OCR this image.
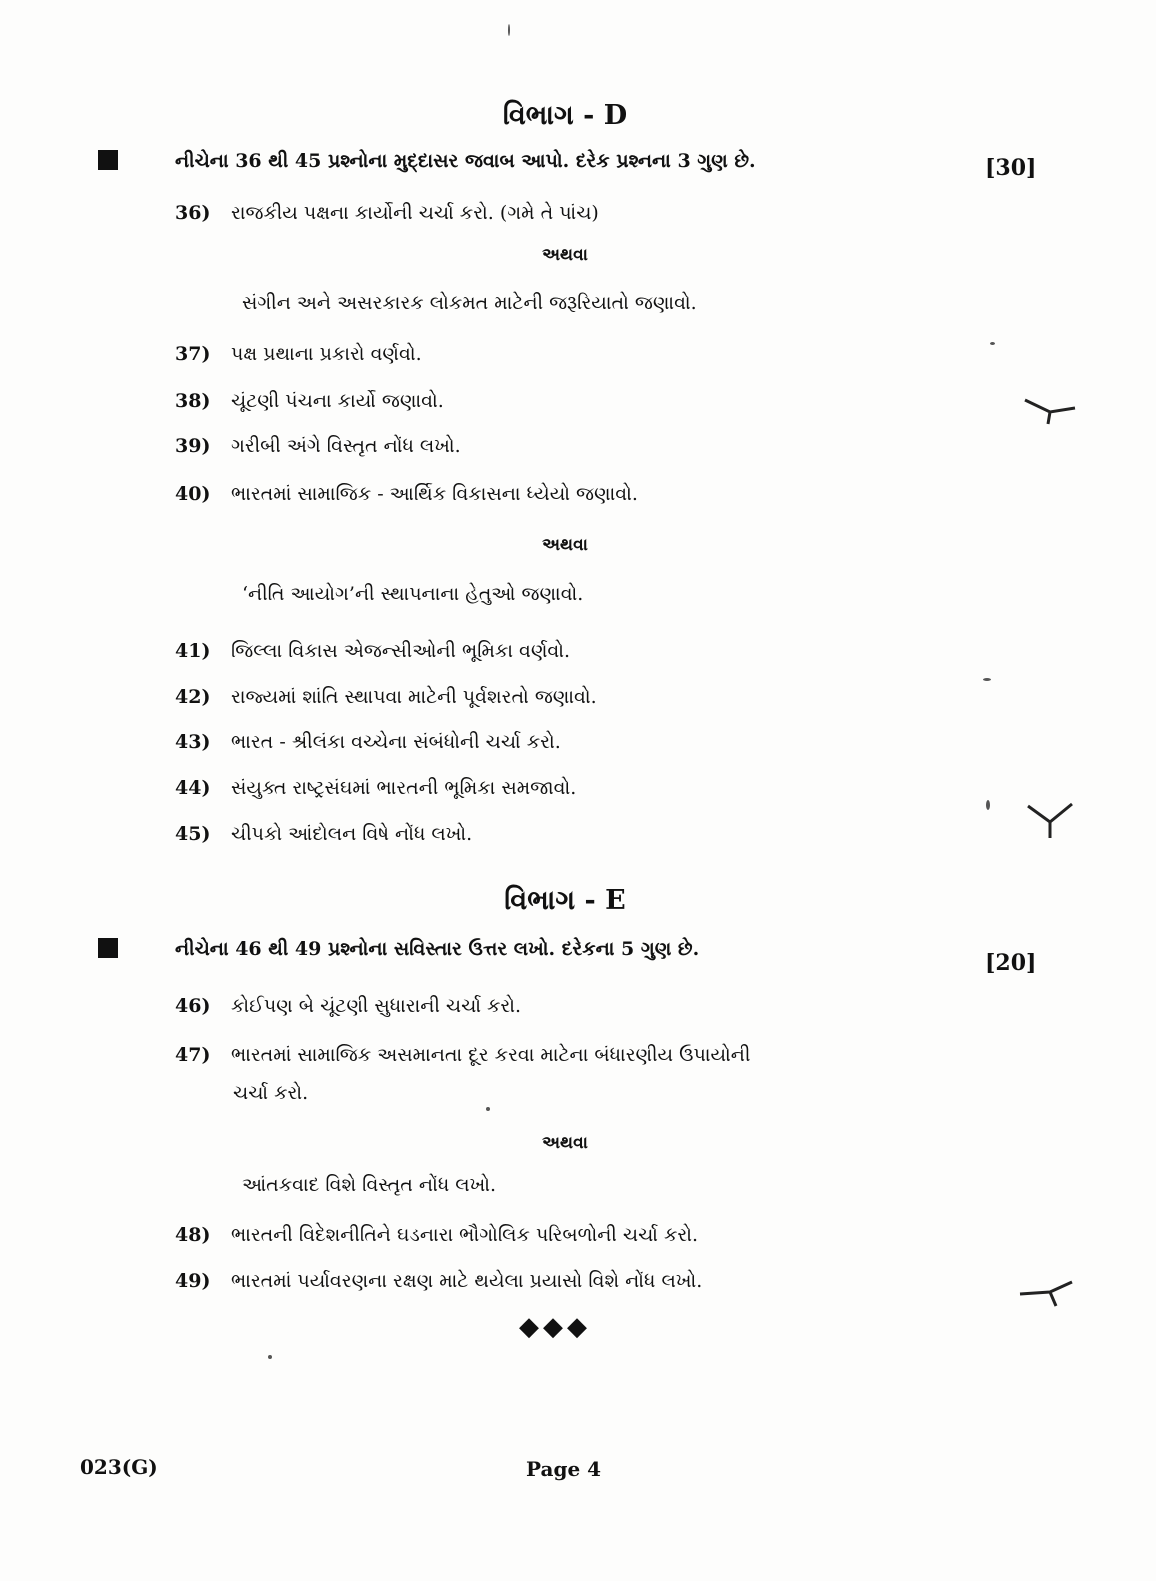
વિભાગ - D
નીચેના 36 થી 45 પ્રશ્નોના મુદ્દાસર જવાબ આપો. દરેક પ્રશ્નના 3 ગુણ છે.	[30]
36) રાજકીય પક્ષના કાર્યોની ચર્ચા કરો. (ગમે તે પાંચ)
અથવા
સંગીન અને અસરકારક લોકમત માટેની જરૂરિયાતો જણાવો.
37) પક્ષ પ્રથાના પ્રકારો વર્ણવો.
38) ચૂંટણી પંચના કાર્યો જણાવો.
39) ગરીબી અંગે વિસ્તૃત નોંધ લખો.
40) ભારતમાં સામાજિક - આર્થિક વિકાસના ધ્યેયો જણાવો.
અથવા
‘નીતિ આયોગ’ની સ્થાપનાના હેતુઓ જણાવો.
41) જિલ્લા વિકાસ એજન્સીઓની ભૂમિકા વર્ણવો.
42) રાજ્યમાં શાંતિ સ્થાપવા માટેની પૂર્વશરતો જણાવો.
43) ભારત - શ્રીલંકા વચ્ચેના સંબંધોની ચર્ચા કરો.
44) સંયુક્ત રાષ્ટ્રસંઘમાં ભારતની ભૂમિકા સમજાવો.
45) ચીપકો આંદોલન વિષે નોંધ લખો.
વિભાગ - E
નીચેના 46 થી 49 પ્રશ્નોના સવિસ્તાર ઉત્તર લખો. દરેકના 5 ગુણ છે.
[20]
46) કોઈપણ બે ચૂંટણી સુધારાની ચર્ચા કરો.
47) ભારતમાં સામાજિક અસમાનતા દૂર કરવા માટેના બંધારણીય ઉપાયોની
ચર્ચા કરો.
અથવા
આંતકવાદ વિશે વિસ્તૃત નોંધ લખો.
48) ભારતની વિદેશનીતિને ઘડનારા ભૌગોલિક પરિબળોની ચર્ચા કરો.
49) ભારતમાં પર્યાવરણના રક્ષણ માટે થયેલા પ્રયાસો વિશે નોંધ લખો.
◆◆◆
023(G)	Page 4
